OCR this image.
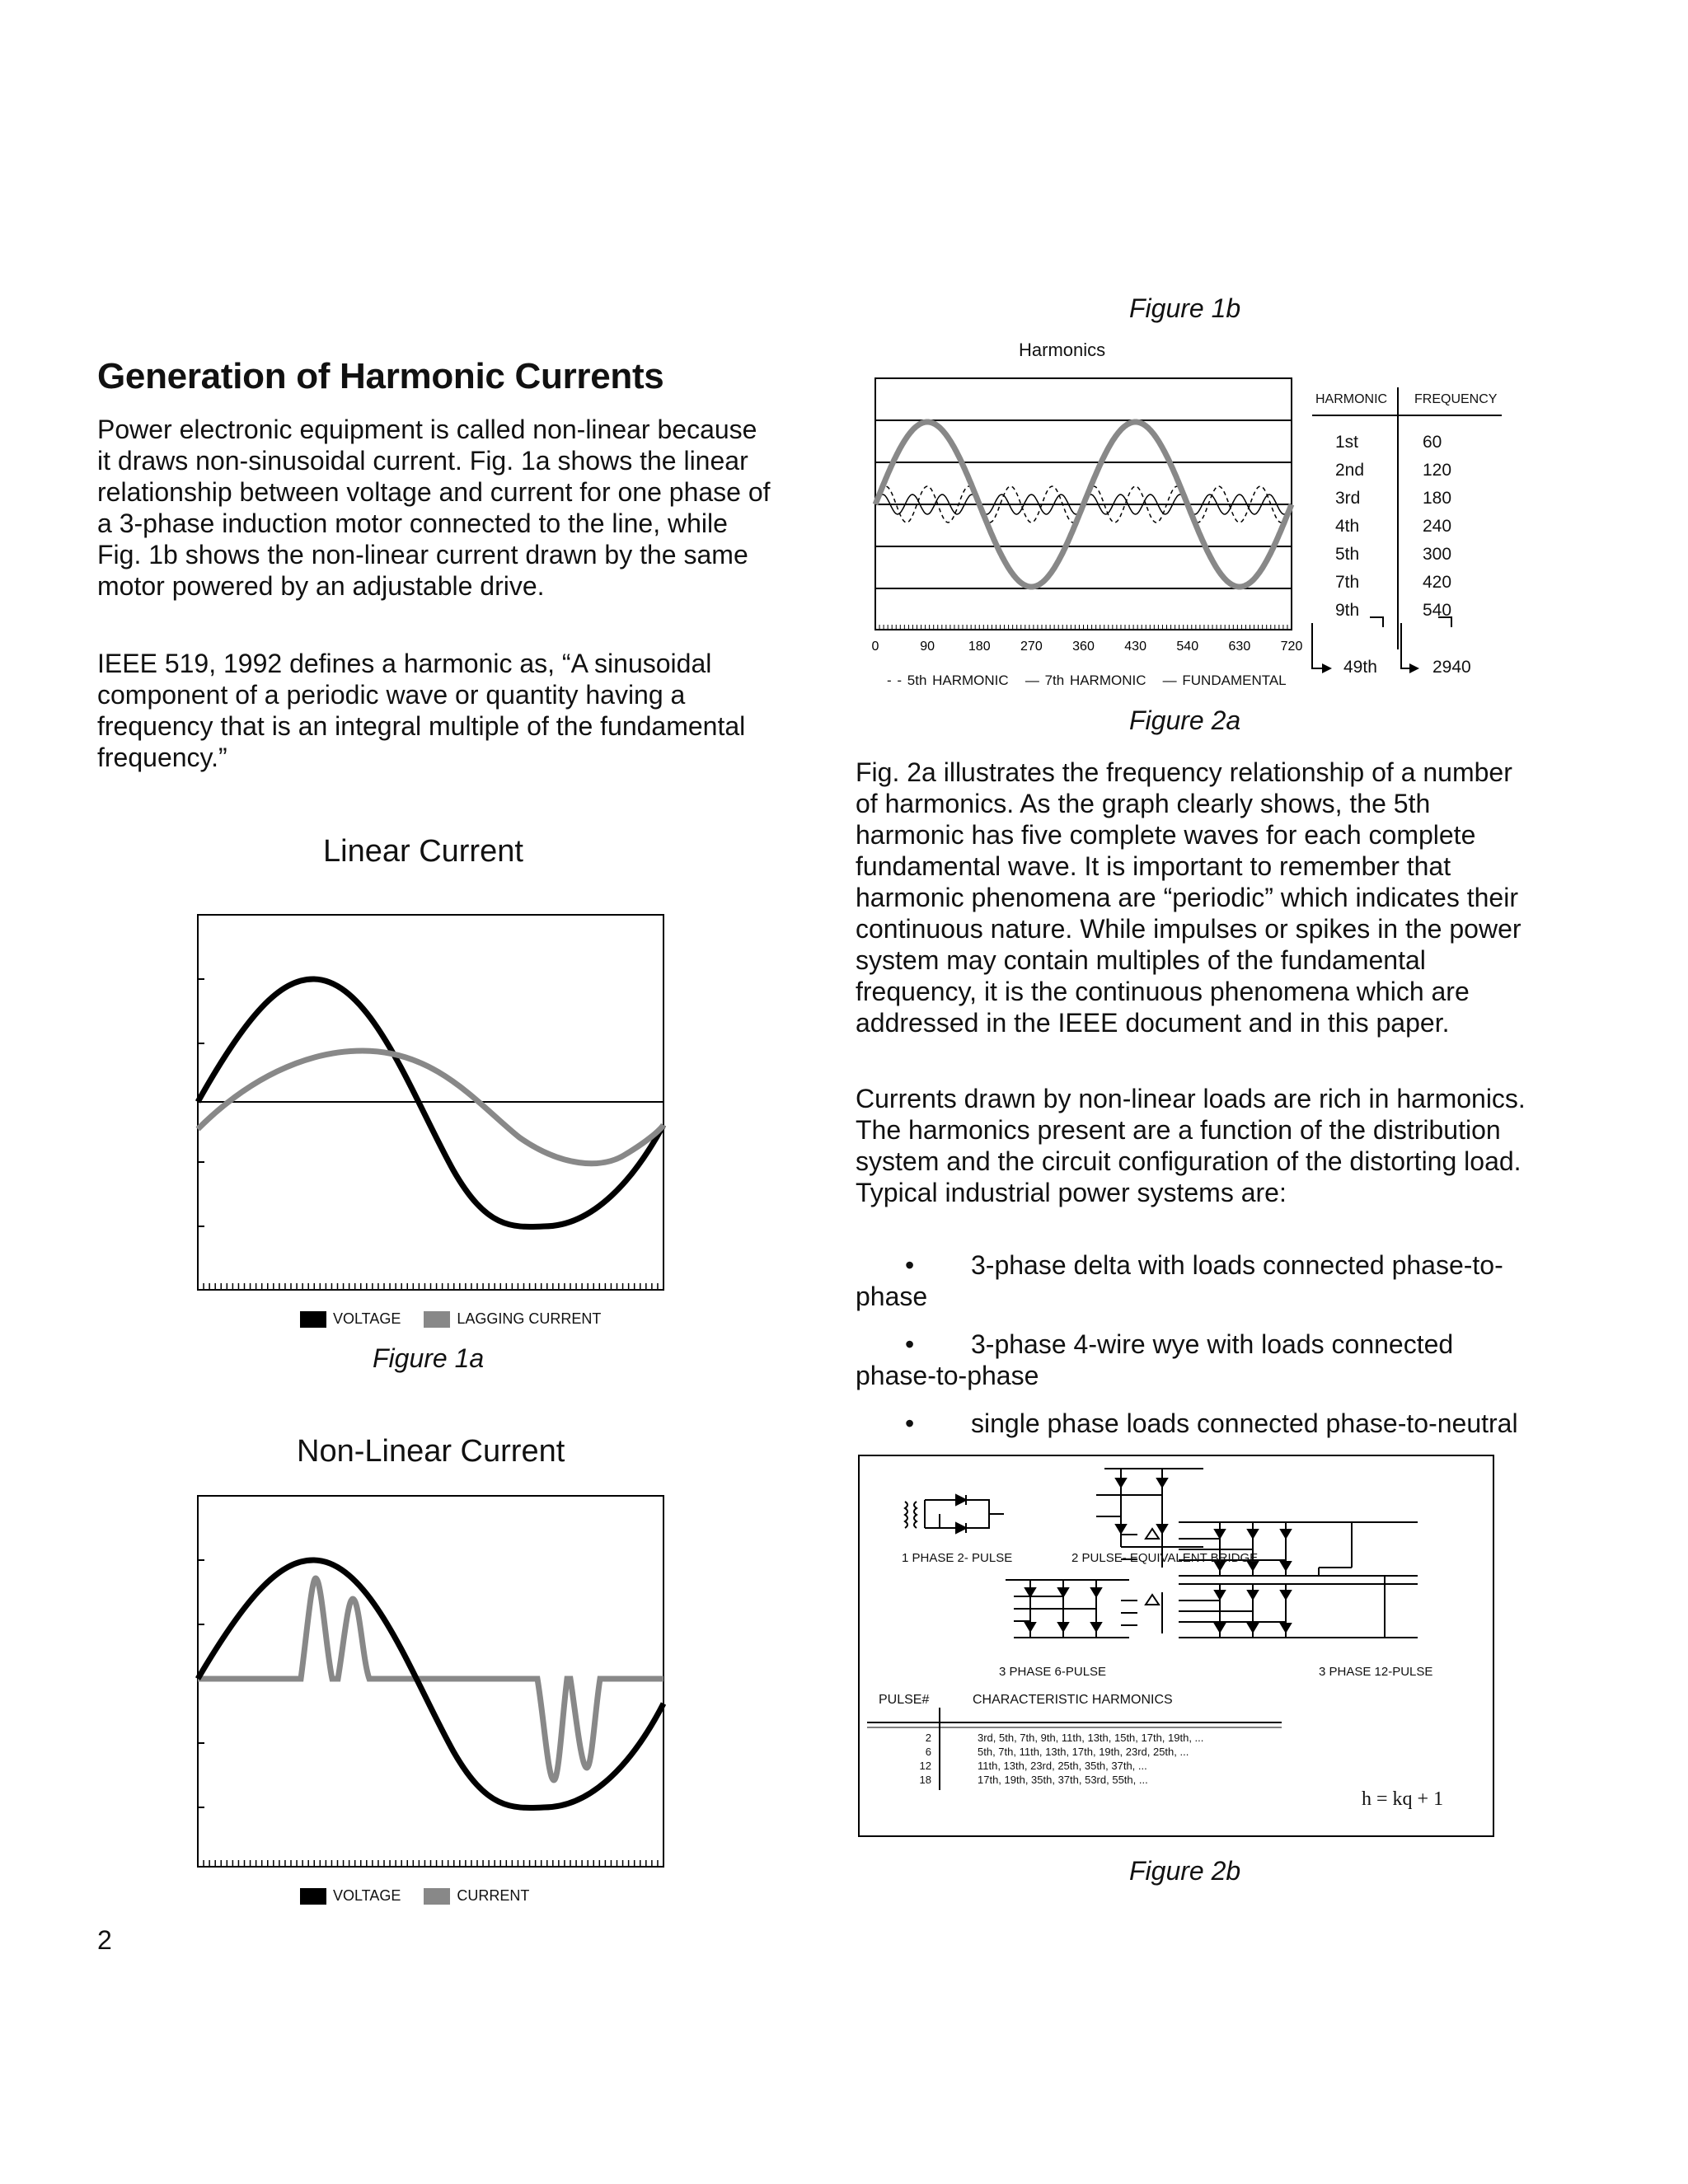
Generation of Harmonic Currents
Power electronic equipment is called non-linear because it draws non-sinusoidal current. Fig. 1a shows the linear relationship between voltage and current for one phase of a 3-phase induction motor connected to the line, while Fig. 1b shows the non-linear current drawn by the same motor powered by an adjustable drive.
IEEE 519, 1992 defines a harmonic as, “A sinusoidal component of a periodic wave or quantity having a frequency that is an integral multiple of the fundamental frequency.”
Linear Current
VOLTAGE	LAGGING CURRENT
Figure 1a
Non-Linear Current
VOLTAGE	CURRENT
2
Figure 1b
Harmonics
0	90	180 270 360 430 540 630 720
- - 5th HARMONIC — 7th HARMONIC — FUNDAMENTAL
HARMONIC FREQUENCY
1st	60
2nd	120
3rd	180
4th	240
5th	300
7th	420
9th	540
49th	2940
Figure 2a
Fig. 2a illustrates the frequency relationship of a number of harmonics. As the graph clearly shows, the 5th harmonic has five complete waves for each complete fundamental wave. It is important to remember that harmonic phenomena are “periodic” which indicates their continuous nature. While impulses or spikes in the power system may contain multiples of the fundamental frequency, it is the continuous phenomena which are addressed in the IEEE document and in this paper.
Currents drawn by non-linear loads are rich in harmonics. The harmonics present are a function of the distribution system and the circuit configuration of the distorting load. Typical industrial power systems are:
• 3-phase delta with loads connected phase-to-phase
• 3-phase 4-wire wye with loads connected phase-to-phase
• single phase loads connected phase-to-neutral
1 PHASE 2- PULSE	2 PULSE- EQUIVALENT BRIDGE
3 PHASE 6-PULSE	3 PHASE 12-PULSE
PULSE#	CHARACTERISTIC HARMONICS
2	3rd, 5th, 7th, 9th, 11th, 13th, 15th, 17th, 19th, ...
6	5th, 7th, 11th, 13th, 17th, 19th, 23rd, 25th, ...
12	11th, 13th, 23rd, 25th, 35th, 37th, ...
18	17th, 19th, 35th, 37th, 53rd, 55th, ...
h = kq + 1
Figure 2b
